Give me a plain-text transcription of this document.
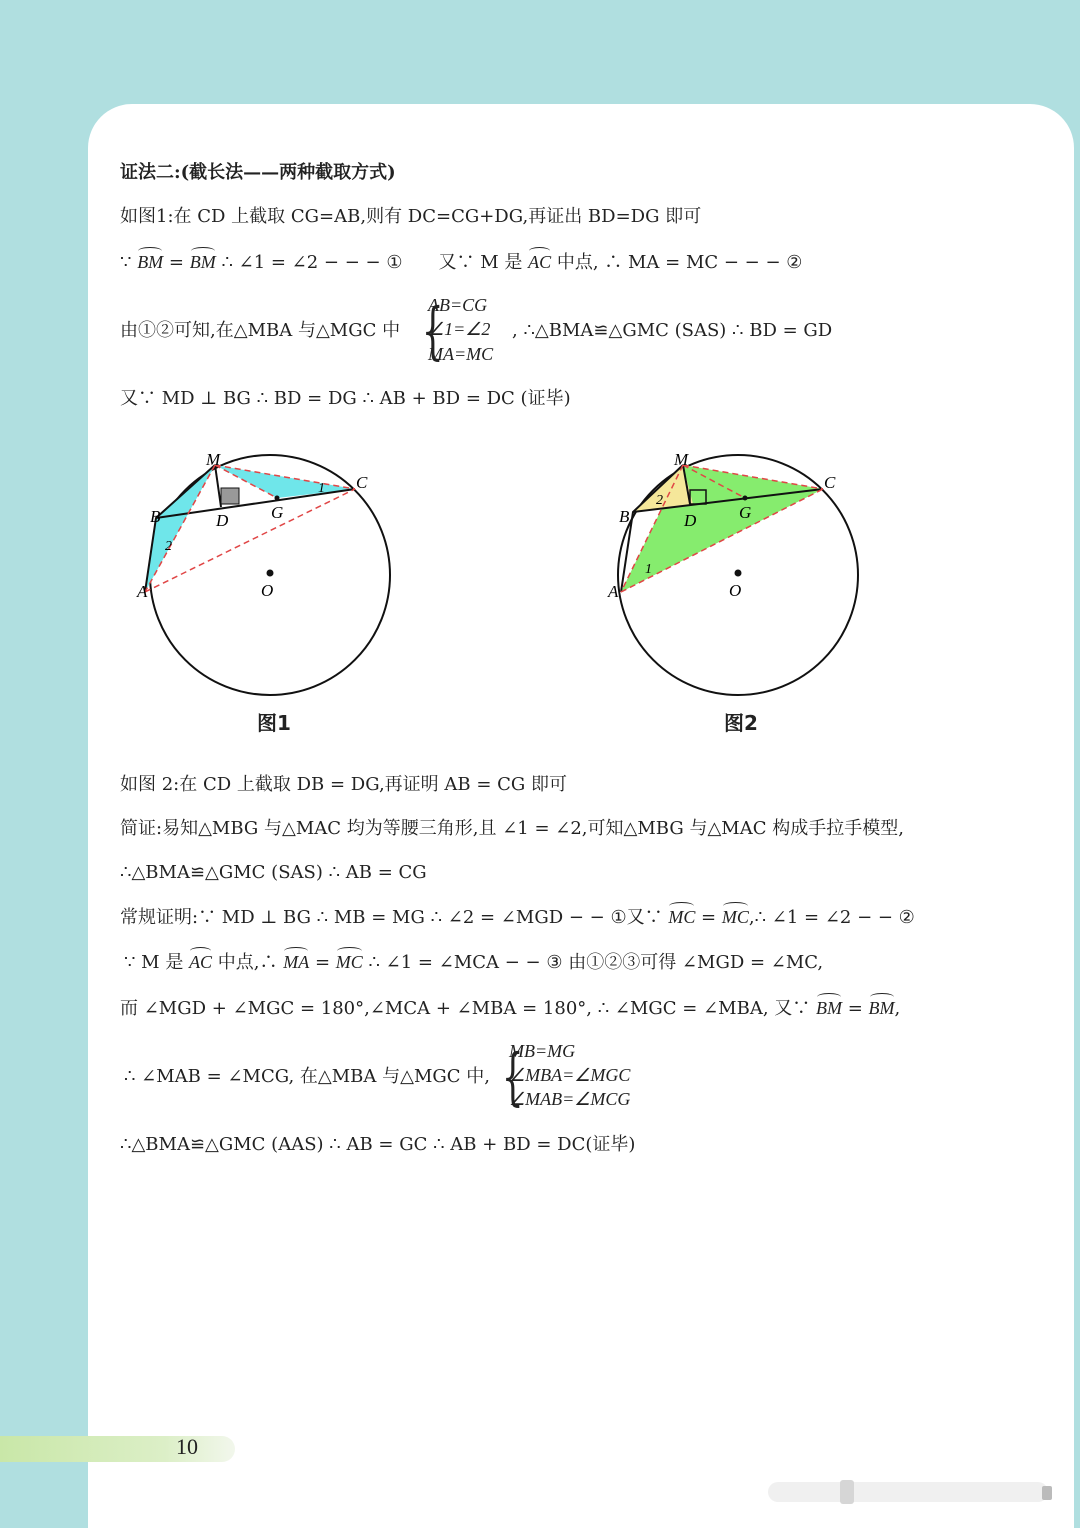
证法二:(截长法——两种截取方式)
如图1:在 CD 上截取 CG=AB,则有 DC=CG+DG,再证出 BD=DG 即可
∵ BM = BM ∴ ∠1 = ∠2 − − − ① 又∵ M 是 AC 中点, ∴ MA = MC − − − ②
由①②可知,在△MBA 与△MGC 中 {
AB=CG
∠1=∠2
MA=MC
, ∴△BMA≌△GMC (SAS) ∴ BD = GD
又∵ MD ⊥ BG ∴ BD = DG ∴ AB + BD = DC (证毕)
M
B	D	G
C
A	O
1
2
图1
M
B	D	G
C
A	O
1
2
图2
如图 2:在 CD 上截取 DB = DG,再证明 AB = CG 即可
简证:易知△MBG 与△MAC 均为等腰三角形,且 ∠1 = ∠2,可知△MBG 与△MAC 构成手拉手模型,
∴△BMA≌△GMC (SAS) ∴ AB = CG
常规证明:∵ MD ⊥ BG ∴ MB = MG ∴ ∠2 = ∠MGD − − ①又∵ MC = MC,∴ ∠1 = ∠2 − − ②
∵ M 是 AC 中点,∴ MA = MC ∴ ∠1 = ∠MCA − − ③ 由①②③可得 ∠MGD = ∠MC,
而 ∠MGD + ∠MGC = 180°,∠MCA + ∠MBA = 180°, ∴ ∠MGC = ∠MBA, 又∵ BM = BM,
∴ ∠MAB = ∠MCG, 在△MBA 与△MGC 中, {
MB=MG
∠MBA=∠MGC
∠MAB=∠MCG
∴△BMA≌△GMC (AAS) ∴ AB = GC ∴ AB + BD = DC(证毕)
10
